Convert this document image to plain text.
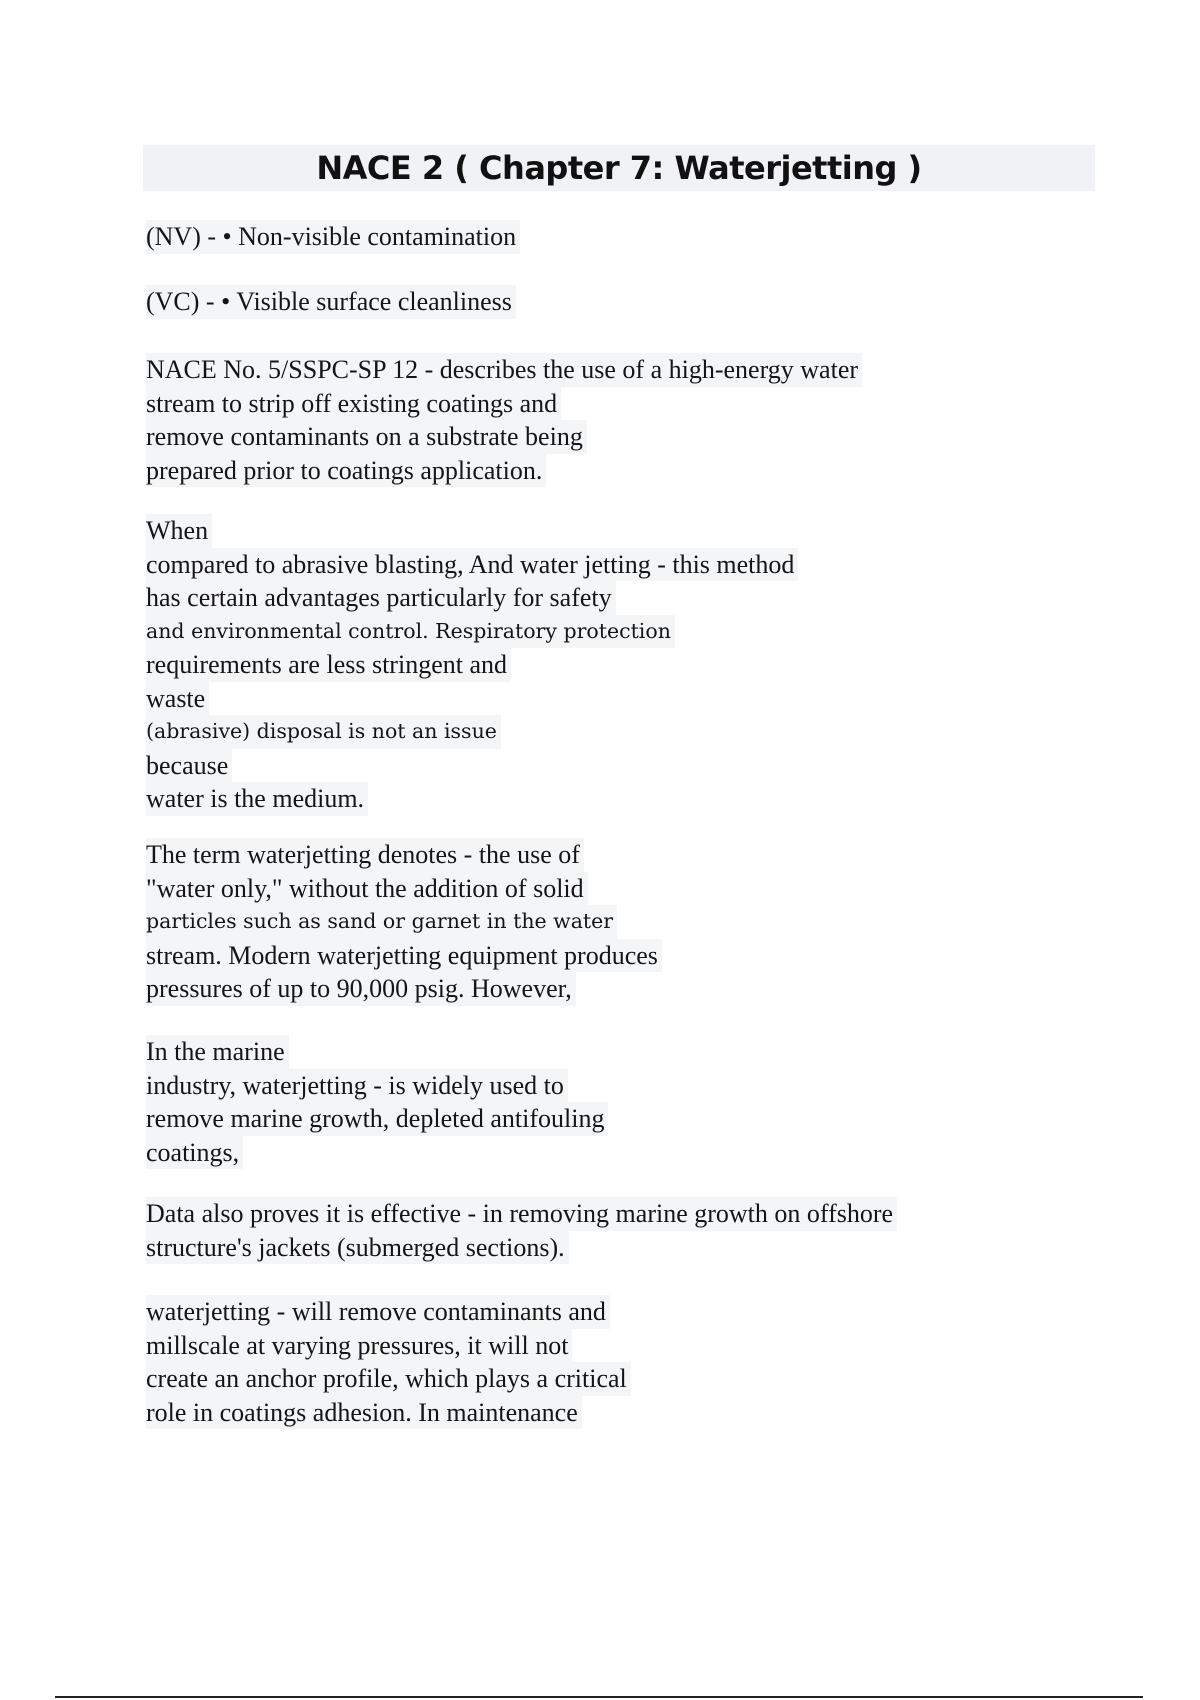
NACE 2 ( Chapter 7: Waterjetting )
(NV) - • Non-visible contamination
(VC) - • Visible surface cleanliness
NACE No. 5/SSPC-SP 12 - describes the use of a high-energy water
stream to strip off existing coatings and
remove contaminants on a substrate being
prepared prior to coatings application.
When
compared to abrasive blasting, And water jetting - this method
has certain advantages particularly for safety
and environmental control. Respiratory protection
requirements are less stringent and
waste
(abrasive) disposal is not an issue
because
water is the medium.
The term waterjetting denotes - the use of
"water only," without the addition of solid
particles such as sand or garnet in the water
stream. Modern waterjetting equipment produces
pressures of up to 90,000 psig. However,
In the marine
industry, waterjetting - is widely used to
remove marine growth, depleted antifouling
coatings,
Data also proves it is effective - in removing marine growth on offshore
structure's jackets (submerged sections).
waterjetting - will remove contaminants and
millscale at varying pressures, it will not
create an anchor profile, which plays a critical
role in coatings adhesion. In maintenance
